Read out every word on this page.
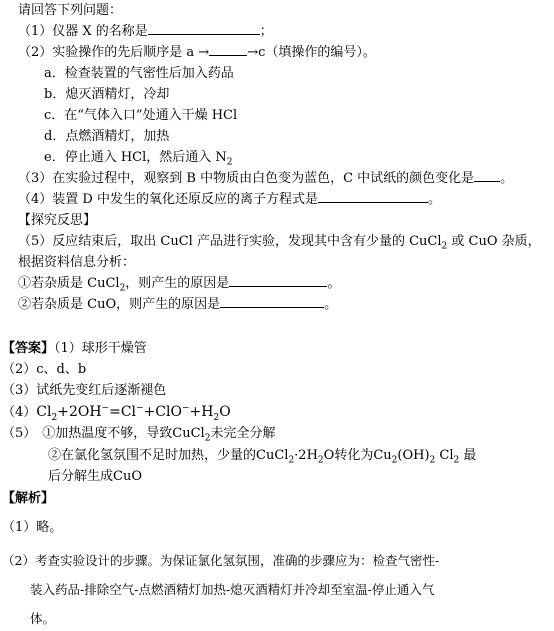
请回答下列问题：
（1）仪器 X 的名称是	；
（2）实验操作的先后顺序是 a →	→c（填操作的编号）。
a．检查装置的气密性后加入药品
b．熄灭酒精灯，冷却
c．在“气体入口”处通入干燥 HCl
d．点燃酒精灯，加热
e．停止通入 HCl，然后通入 $N_2$
（3）在实验过程中，观察到 B 中物质由白色变为蓝色，C 中试纸的颜色变化是 。
（4）装置 D 中发生的氧化还原反应的离子方程式是	。
【探究反思】
（5）反应结束后，取出 CuCl 产品进行实验，发现其中含有少量的 CuCl$_2$ 或 CuO 杂质，
根据资料信息分析：
①若杂质是 CuCl$_2$，则产生的原因是	。
②若杂质是 CuO，则产生的原因是	。
【答案】（1）球形干燥管
（2）c、d、b
（3）试纸先变红后逐渐褪色
$(4)Cl_2+2OH^-=Cl^-+ClO^-+H_2O$
（5） ①加热温度不够，导致CuCl$_2$未完全分解
②在氯化氢氛围不足时加热，少量的$CuCl_2\cdot 2H_2O$转化为$Cu_2(OH)_2$ $Cl_2$ 最
后分解生成CuO
【解析】
（1）略。
（2）考查实验设计的步骤。为保证氯化氢氛围，准确的步骤应为：检查气密性-
装入药品-排除空气-点燃酒精灯加热-熄灭酒精灯并冷却至室温-停止通入气
体。
